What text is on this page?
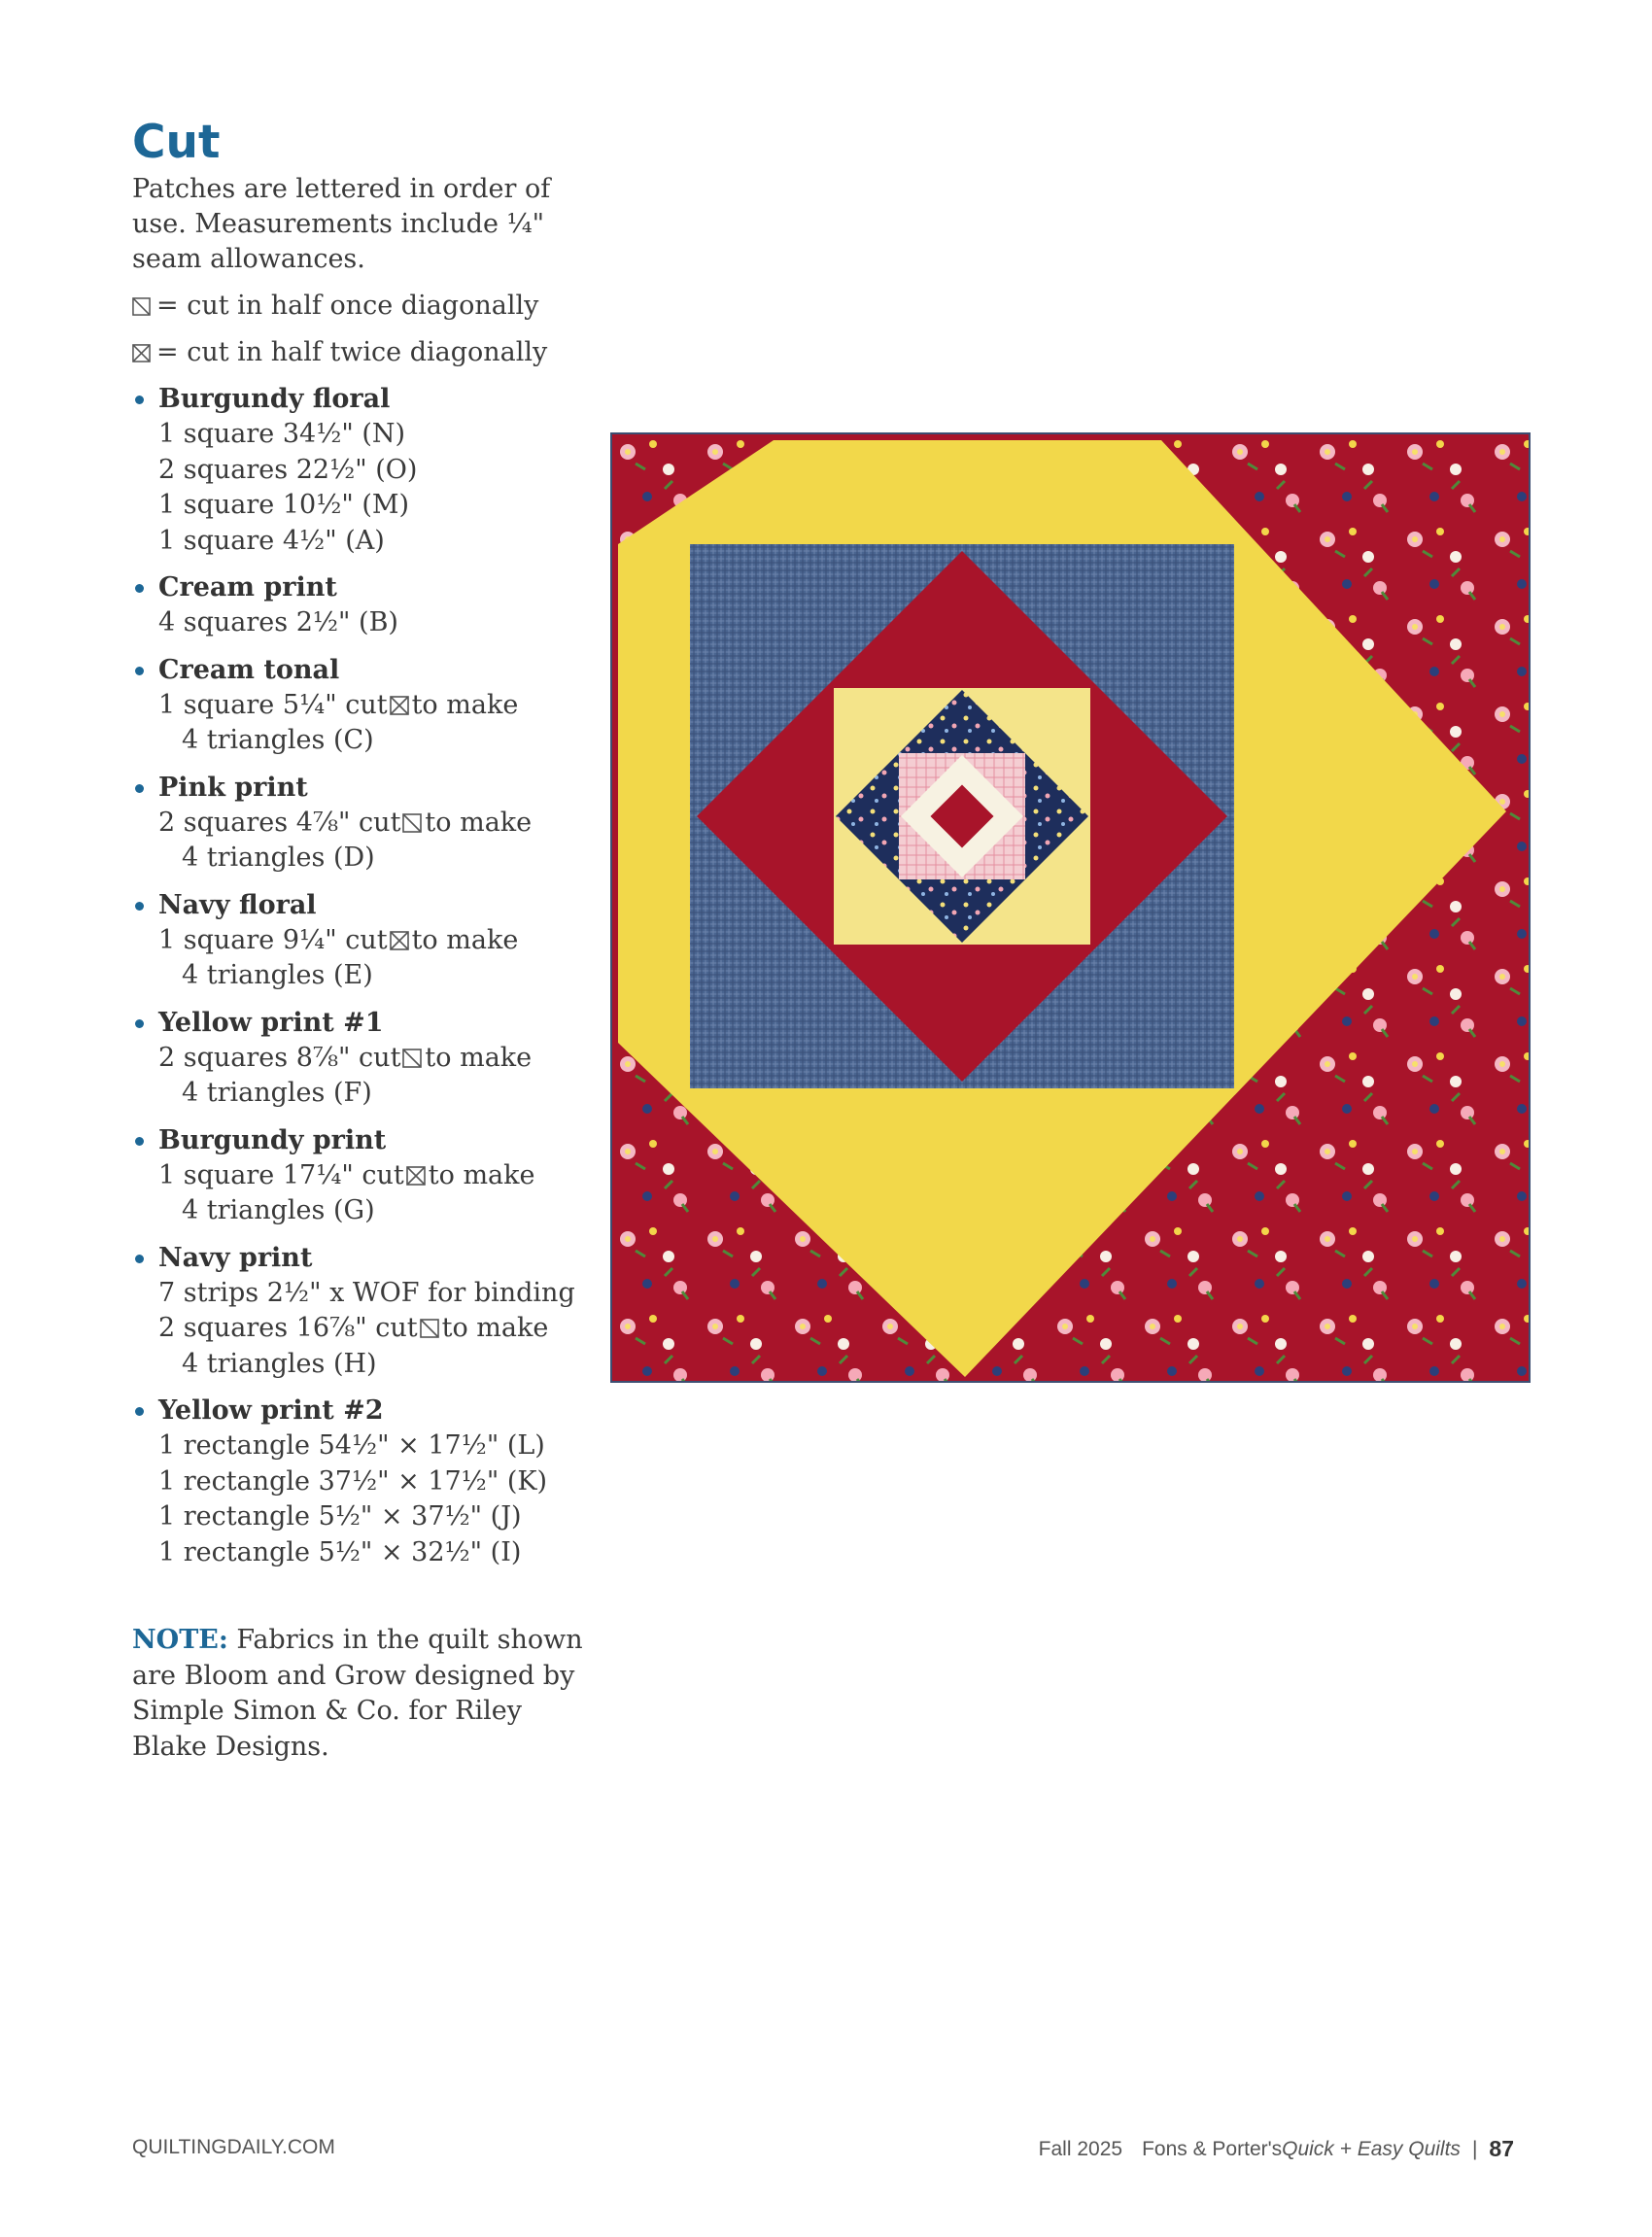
Cut

Patches are lettered in order of use. Measurements include ¼" seam allowances.

= cut in half once diagonally
= cut in half twice diagonally
Burgundy floral
1 square 34½" (N)
2 squares 22½" (O)
1 square 10½" (M)
1 square 4½" (A)
Cream print
4 squares 2½" (B)
Cream tonal
1 square 5¼" cut to make
4 triangles (C)
Pink print
2 squares 4⅞" cut to make
4 triangles (D)
Navy floral
1 square 9¼" cut to make
4 triangles (E)
Yellow print #1
2 squares 8⅞" cut to make
4 triangles (F)
Burgundy print
1 square 17¼" cut to make
4 triangles (G)
Navy print
7 strips 2½" x WOF for binding
2 squares 16⅞" cut to make
4 triangles (H)
Yellow print #2
1 rectangle 54½" × 17½" (L)
1 rectangle 37½" × 17½" (K)
1 rectangle 5½" × 37½" (J)
1 rectangle 5½" × 32½" (I)
NOTE: Fabrics in the quilt shown are Bloom and Grow designed by Simple Simon & Co. for Riley Blake Designs.
QUILTINGDAILY.COM	Fall 2025 Fons & Porter's Quick + Easy Quilts | 87
